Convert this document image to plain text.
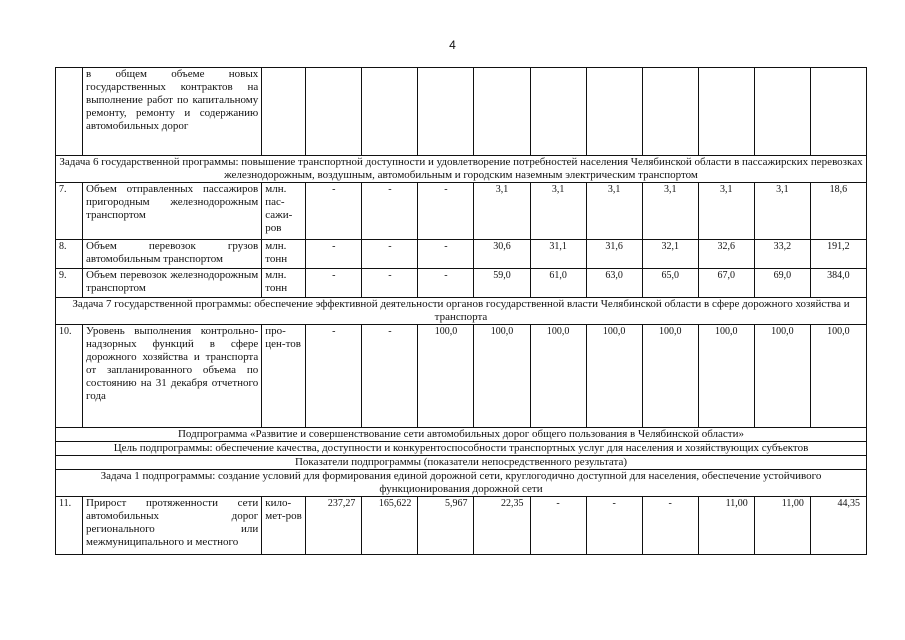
4
	в общем объеме новых государственных контрактов на выполнение работ по капитальному ремонту, ремонту и содержанию автомобильных дорог											
Задача 6 государственной программы: повышение транспортной доступности и удовлетворение потребностей населения Челябинской области в пассажирских перевозках железнодорожным, воздушным, автомобильным и городским наземным электрическим транспортом												
7.	Объем отправленных пассажиров пригородным железнодорожным транспортом	млн. пас-сажи-ров	-	-	-	3,1	3,1	3,1	3,1	3,1	3,1	18,6
8.	Объем перевозок грузов автомобильным транспортом	млн. тонн	-	-	-	30,6	31,1	31,6	32,1	32,6	33,2	191,2
9.	Объем перевозок железнодорожным транспортом	млн. тонн	-	-	-	59,0	61,0	63,0	65,0	67,0	69,0	384,0
Задача 7 государственной программы: обеспечение эффективной деятельности органов государственной власти Челябинской области в сфере дорожного хозяйства и транспорта												
10.	Уровень выполнения контрольно-надзорных функций в сфере дорожного хозяйства и транспорта от запланированного объема по состоянию на 31 декабря отчетного года	про-цен-тов	-	-	100,0	100,0	100,0	100,0	100,0	100,0	100,0	100,0
Подпрограмма «Развитие и совершенствование сети автомобильных дорог общего пользования в Челябинской области»												
Цель подпрограммы: обеспечение качества, доступности и конкурентоспособности транспортных услуг для населения и хозяйствующих субъектов												
Показатели подпрограммы (показатели непосредственного результата)												
Задача 1 подпрограммы: создание условий для формирования единой дорожной сети, круглогодично доступной для населения, обеспечение устойчивого функционирования дорожной сети												
11.	Прирост протяженности сети автомобильных дорог регионального или межмуниципального и местного	кило-мет-ров	237,27	165,622	5,967	22,35	-	-	-	11,00	11,00	44,35
